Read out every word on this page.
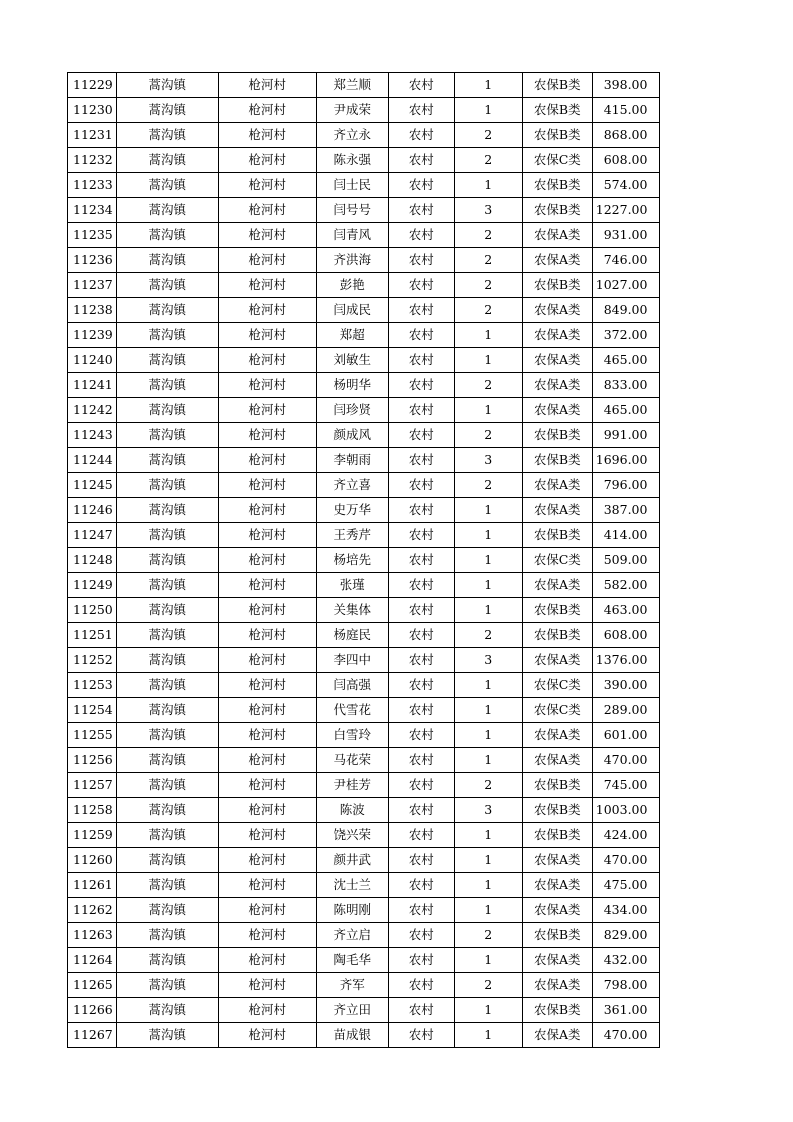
11229	蒿沟镇	枪河村	郑兰顺	农村	1	农保B类	398.00
11230	蒿沟镇	枪河村	尹成荣	农村	1	农保B类	415.00
11231	蒿沟镇	枪河村	齐立永	农村	2	农保B类	868.00
11232	蒿沟镇	枪河村	陈永强	农村	2	农保C类	608.00
11233	蒿沟镇	枪河村	闫士民	农村	1	农保B类	574.00
11234	蒿沟镇	枪河村	闫号号	农村	3	农保B类	1227.00
11235	蒿沟镇	枪河村	闫青风	农村	2	农保A类	931.00
11236	蒿沟镇	枪河村	齐洪海	农村	2	农保A类	746.00
11237	蒿沟镇	枪河村	彭艳	农村	2	农保B类	1027.00
11238	蒿沟镇	枪河村	闫成民	农村	2	农保A类	849.00
11239	蒿沟镇	枪河村	郑超	农村	1	农保A类	372.00
11240	蒿沟镇	枪河村	刘敏生	农村	1	农保A类	465.00
11241	蒿沟镇	枪河村	杨明华	农村	2	农保A类	833.00
11242	蒿沟镇	枪河村	闫珍贤	农村	1	农保A类	465.00
11243	蒿沟镇	枪河村	颜成风	农村	2	农保B类	991.00
11244	蒿沟镇	枪河村	李朝雨	农村	3	农保B类	1696.00
11245	蒿沟镇	枪河村	齐立喜	农村	2	农保A类	796.00
11246	蒿沟镇	枪河村	史万华	农村	1	农保A类	387.00
11247	蒿沟镇	枪河村	王秀芹	农村	1	农保B类	414.00
11248	蒿沟镇	枪河村	杨培先	农村	1	农保C类	509.00
11249	蒿沟镇	枪河村	张瑾	农村	1	农保A类	582.00
11250	蒿沟镇	枪河村	关集体	农村	1	农保B类	463.00
11251	蒿沟镇	枪河村	杨庭民	农村	2	农保B类	608.00
11252	蒿沟镇	枪河村	李四中	农村	3	农保A类	1376.00
11253	蒿沟镇	枪河村	闫高强	农村	1	农保C类	390.00
11254	蒿沟镇	枪河村	代雪花	农村	1	农保C类	289.00
11255	蒿沟镇	枪河村	白雪玲	农村	1	农保A类	601.00
11256	蒿沟镇	枪河村	马花荣	农村	1	农保A类	470.00
11257	蒿沟镇	枪河村	尹桂芳	农村	2	农保B类	745.00
11258	蒿沟镇	枪河村	陈波	农村	3	农保B类	1003.00
11259	蒿沟镇	枪河村	饶兴荣	农村	1	农保B类	424.00
11260	蒿沟镇	枪河村	颜井武	农村	1	农保A类	470.00
11261	蒿沟镇	枪河村	沈士兰	农村	1	农保A类	475.00
11262	蒿沟镇	枪河村	陈明刚	农村	1	农保A类	434.00
11263	蒿沟镇	枪河村	齐立启	农村	2	农保B类	829.00
11264	蒿沟镇	枪河村	陶毛华	农村	1	农保A类	432.00
11265	蒿沟镇	枪河村	齐军	农村	2	农保A类	798.00
11266	蒿沟镇	枪河村	齐立田	农村	1	农保B类	361.00
11267	蒿沟镇	枪河村	苗成银	农村	1	农保A类	470.00
